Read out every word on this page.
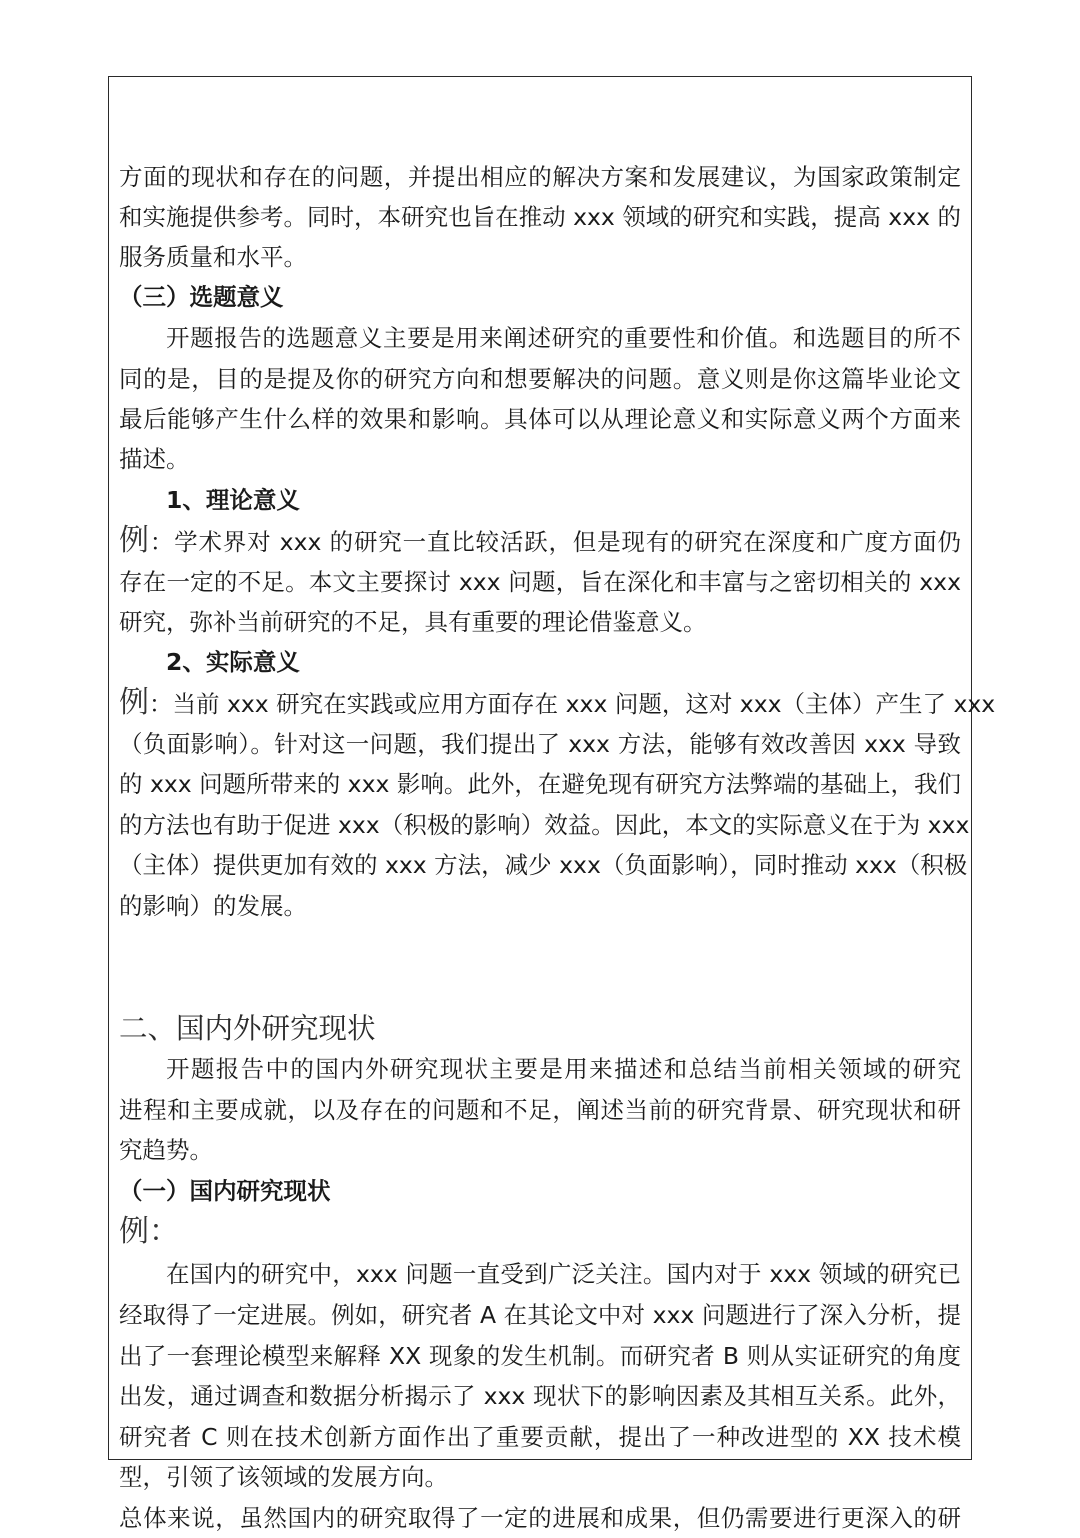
方面的现状和存在的问题，并提出相应的解决方案和发展建议，为国家政策制定
和实施提供参考。同时，本研究也旨在推动 xxx 领域的研究和实践，提高 xxx 的
服务质量和水平。
（三）选题意义
开题报告的选题意义主要是用来阐述研究的重要性和价值。和选题目的所不
同的是，目的是提及你的研究方向和想要解决的问题。意义则是你这篇毕业论文
最后能够产生什么样的效果和影响。具体可以从理论意义和实际意义两个方面来
描述。
1、理论意义
例：学术界对 xxx 的研究一直比较活跃，但是现有的研究在深度和广度方面仍
存在一定的不足。本文主要探讨 xxx 问题，旨在深化和丰富与之密切相关的 xxx
研究，弥补当前研究的不足，具有重要的理论借鉴意义。
2、实际意义
例：当前 xxx 研究在实践或应用方面存在 xxx 问题，这对 xxx（主体）产生了 xxx
（负面影响）。针对这一问题，我们提出了 xxx 方法，能够有效改善因 xxx 导致
的 xxx 问题所带来的 xxx 影响。此外，在避免现有研究方法弊端的基础上，我们
的方法也有助于促进 xxx（积极的影响）效益。因此，本文的实际意义在于为 xxx
（主体）提供更加有效的 xxx 方法，减少 xxx（负面影响），同时推动 xxx（积极
的影响）的发展。
二、国内外研究现状
开题报告中的国内外研究现状主要是用来描述和总结当前相关领域的研究
进程和主要成就，以及存在的问题和不足，阐述当前的研究背景、研究现状和研
究趋势。
（一）国内研究现状
例：
在国内的研究中，xxx 问题一直受到广泛关注。国内对于 xxx 领域的研究已
经取得了一定进展。例如，研究者 A 在其论文中对 xxx 问题进行了深入分析，提
出了一套理论模型来解释 XX 现象的发生机制。而研究者 B 则从实证研究的角度
出发，通过调查和数据分析揭示了 xxx 现状下的影响因素及其相互关系。此外，
研究者 C 则在技术创新方面作出了重要贡献，提出了一种改进型的 XX 技术模
型，引领了该领域的发展方向。
总体来说，虽然国内的研究取得了一定的进展和成果，但仍需要进行更深入的研
